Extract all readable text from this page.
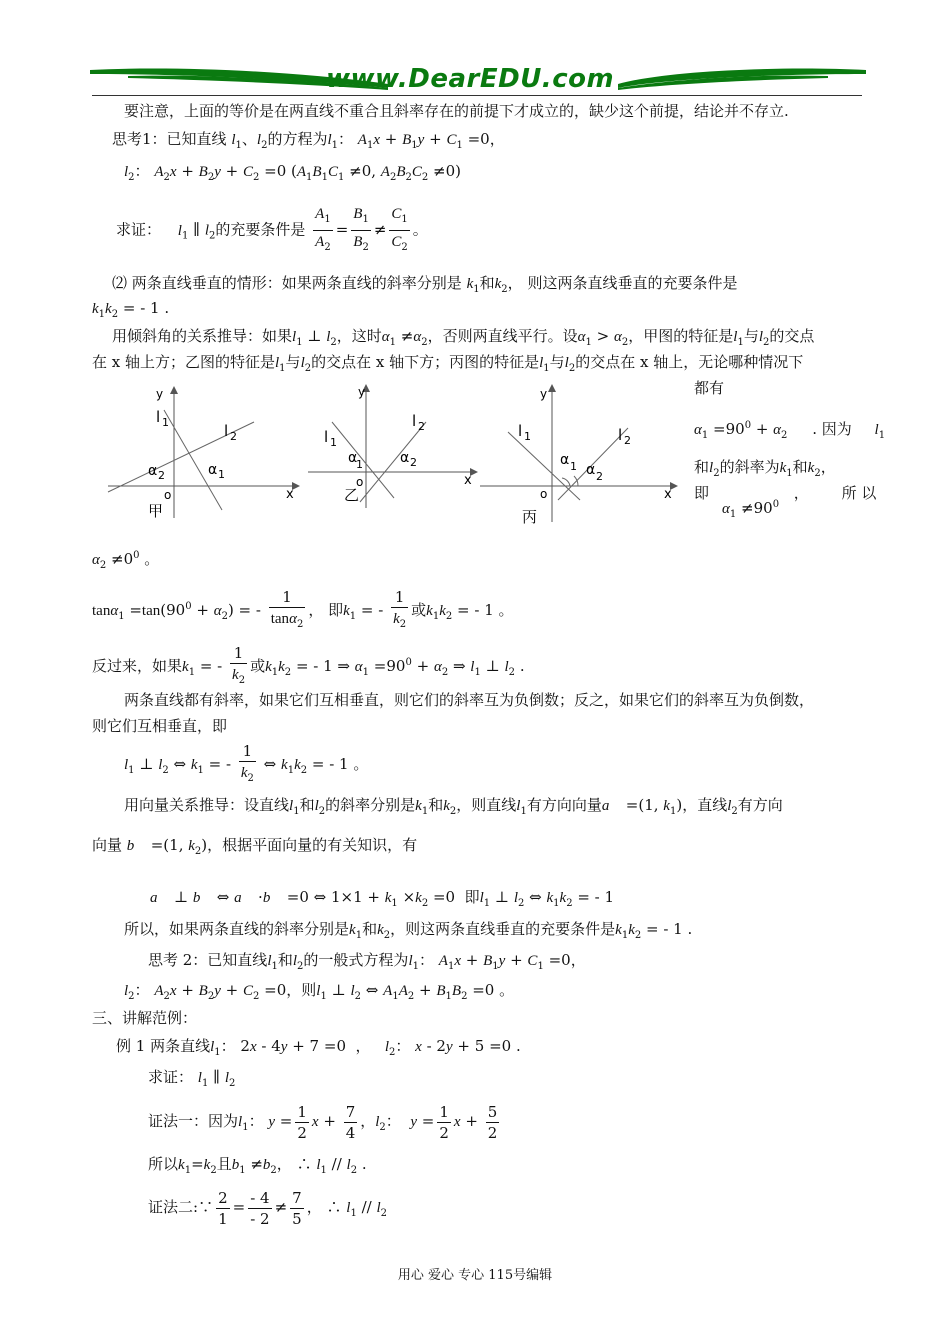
www.DearEDU.com
要注意，上面的等价是在两直线不重合且斜率存在的前提下才成立的，缺少这个前提，结论并不存立.
思考1：已知直线 $l_1$、$l_2$的方程为$l_1$： $A_1x + B_1y + C_1 =0$，
$l_2$： $A_2x + B_2y + C_2 =0$ ($A_1B_1C_1 \ne 0$, $A_2B_2C_2 \ne 0$)
求证： $l_1$ ∥ $l_2$的充要条件是 $\frac{A_1}{A_2} = \frac{B_1}{B_2} \ne \frac{C_1}{C_2}$ 。
⑵ 两条直线垂直的情形：如果两条直线的斜率分别是 $k_1$和$k_2$， 则这两条直线垂直的充要条件是
$k_1k_2$ = - 1 .
用倾斜角的关系推导：如果$l_1$ ⊥ $l_2$，这时$\alpha_1 \ne\alpha_2$，否则两直线平行。设$\alpha_1 > \alpha_2$，甲图的特征是$l_1$与$l_2$的交点
在 x 轴上方；乙图的特征是$l_1$与$l_2$的交点在 x 轴下方；丙图的特征是$l_1$与$l_2$的交点在 x 轴上，无论哪种情况下
l 1	l 2
α 2	α 1
o	x
y
甲
l 1
l 2
α
1	α 2
o	x
y
乙
l 1	l 2
α 1 α 2
o	x
y
丙
都有
$\alpha_1 =90^0 + \alpha_2$ . 因为 $l_1$
和$l_2$的斜率为$k_1$和$k_2$，
即	， 所 以
$\alpha_1 \ne 90^0$
$\alpha_2 \ne 0^0$ 。
$\tan\alpha_1 =\tan(90^0 + \alpha_2)$ = - $\frac{1}{\tan\alpha_2}$ ， 即$k_1$ = - $\frac{1}{k_2}$ 或$k_1k_2$ = - 1 。
反过来，如果$k_1$ = - $\frac{1}{k_2}$ 或$k_1k_2$ = - 1 ⇒ $\alpha_1 =90^0 + \alpha_2$ ⇒ $l_1$ ⊥ $l_2$ .
两条直线都有斜率，如果它们互相垂直，则它们的斜率互为负倒数；反之，如果它们的斜率互为负倒数，
则它们互相垂直，即
$l_1$ ⊥ $l_2$ ⇔ $k_1$ = - $\frac{1}{k_2}$ ⇔ $k_1k_2$ = - 1 。
用向量关系推导：设直线$l_1$和$l_2$的斜率分别是$k_1$和$k_2$，则直线$l_1$有方向向量a⃗ =(1, $k_1$)，直线$l_2$有方向
向量 b⃗ =(1, $k_2$)，根据平面向量的有关知识，有
a⃗ ⊥ b⃗ ⇔ a⃗ ·b⃗ =0 ⇔ $1\times 1 + k_1 \times k_2 =0$  即$l_1$ ⊥ $l_2$ ⇔ $k_1k_2$ = - 1
所以，如果两条直线的斜率分别是$k_1$和$k_2$，则这两条直线垂直的充要条件是$k_1k_2$ = - 1 .
思考 2：已知直线$l_1$和$l_2$的一般式方程为$l_1$： $A_1x + B_1y + C_1 =0$，
$l_2$： $A_2x + B_2y + C_2 =0$，则$l_1$ ⊥ $l_2$ ⇔ $A_1A_2 + B_1B_2 =0$ 。
三、讲解范例：
例 1 两条直线$l_1$： 2x - 4y + 7 =0  ，   $l_2$： x - 2y + 5 =0 .
求证： $l_1$ ∥ $l_2$
证法一：因为$l_1$： $y = \frac{1}{2}$ $x + \frac{7}{4}$ ，$l_2$：  $y = \frac{1}{2}$ $x + \frac{5}{2}$
所以$k_1=k_2$且$b_1 \ne b_2$， ∴ $l_1 // l_2$ .
证法二:∵ $\frac{2}{1} = \frac{- 4}{- 2} \ne \frac{7}{5}$ ， ∴ $l_1 // l_2$
用心 爱心 专心 115号编辑
